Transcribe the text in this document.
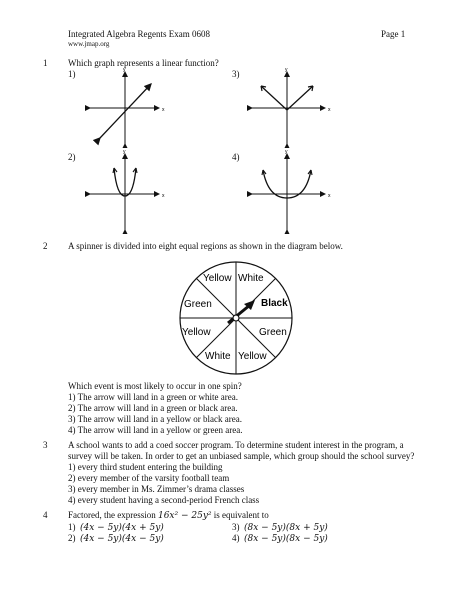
Integrated Algebra Regents Exam 0608
www.jmap.org
Page 1
1 Which graph represents a linear function?
1)	3)
2)	4)
x
y
x
y
x
y
x
y
2 A spinner is divided into eight equal regions as shown in the diagram below.
Yellow White
Black
Green
Yellow
White
Green
Yellow
Which event is most likely to occur in one spin?
1) The arrow will land in a green or white area.
2) The arrow will land in a green or black area.
3) The arrow will land in a yellow or black area.
4) The arrow will land in a yellow or green area.
3 A school wants to add a coed soccer program. To determine student interest in the program, a
survey will be taken. In order to get an unbiased sample, which group should the school survey?
1) every third student entering the building
2) every member of the varsity football team
3) every member in Ms. Zimmer’s drama classes
4) every student having a second-period French class
4 Factored, the expression 16x² − 25y² is equivalent to
1) (4x − 5y)(4x + 5y)
2) (4x − 5y)(4x − 5y)
3) (8x − 5y)(8x + 5y)
4) (8x − 5y)(8x − 5y)
